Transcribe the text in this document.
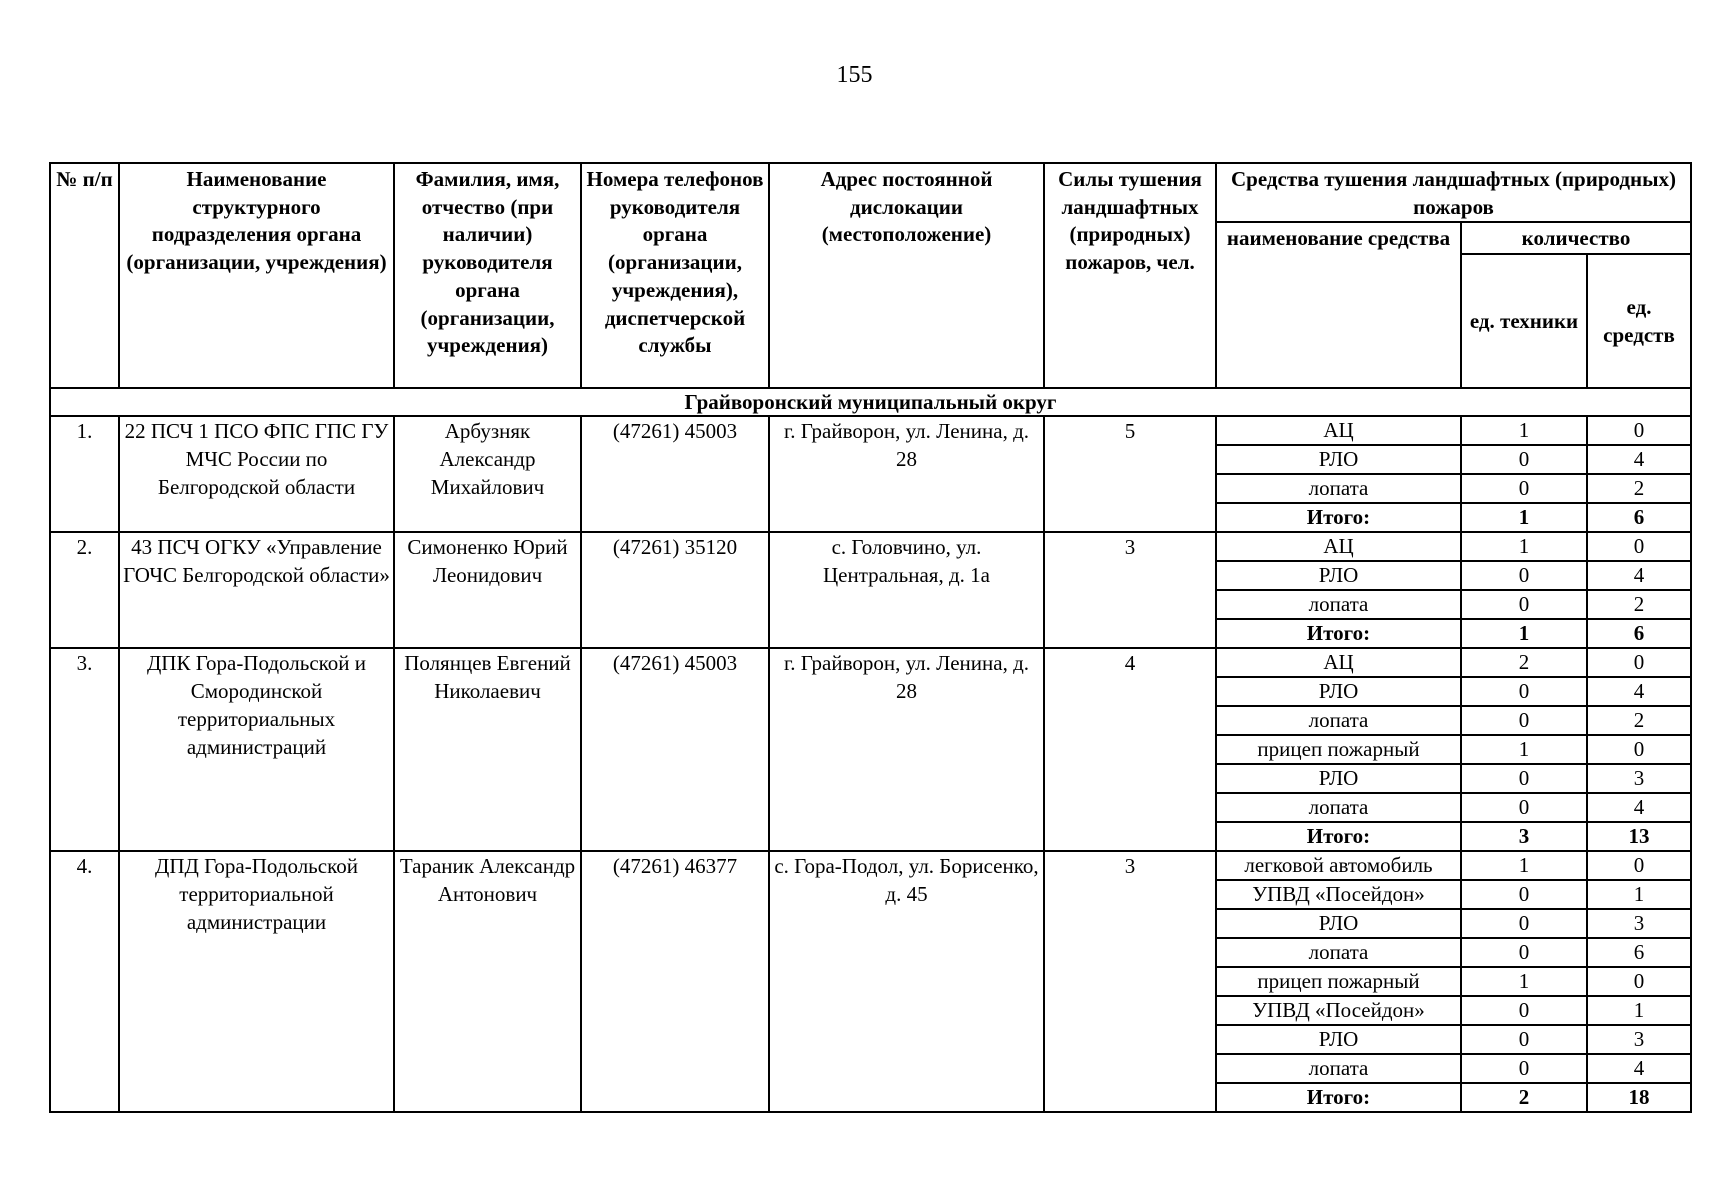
155
№ п/п	Наименование структурного подразделения органа (организации, учреждения)	Фамилия, имя, отчество (при наличии) руководителя органа (организации, учреждения)	Номера телефонов руководителя органа (организации, учреждения), диспетчерской службы	Адрес постоянной дислокации (местоположение)	Силы тушения ландшафтных (природных) пожаров, чел.	Средства тушения ландшафтных (природных) пожаров		
						наименование средства	количество	
							ед. техники	ед. средств
Грайворонский муниципальный округ								
1.	22 ПСЧ 1 ПСО ФПС ГПС ГУ МЧС России по Белгородской области	Арбузняк Александр Михайлович	(47261) 45003	г. Грайворон, ул. Ленина, д. 28	5	АЦ	1	0
						РЛО	0	4
						лопата	0	2
						Итого:	1	6
2.	43 ПСЧ ОГКУ «Управление ГОЧС Белгородской области»	Симоненко Юрий Леонидович	(47261) 35120	с. Головчино, ул. Центральная, д. 1а	3	АЦ	1	0
						РЛО	0	4
						лопата	0	2
						Итого:	1	6
3.	ДПК Гора-Подольской и Смородинской территориальных администраций	Полянцев Евгений Николаевич	(47261) 45003	г. Грайворон, ул. Ленина, д. 28	4	АЦ	2	0
						РЛО	0	4
						лопата	0	2
						прицеп пожарный	1	0
						РЛО	0	3
						лопата	0	4
						Итого:	3	13
4.	ДПД Гора-Подольской территориальной администрации	Тараник Александр Антонович	(47261) 46377	с. Гора-Подол, ул. Борисенко, д. 45	3	легковой автомобиль	1	0
						УПВД «Посейдон»	0	1
						РЛО	0	3
						лопата	0	6
						прицеп пожарный	1	0
						УПВД «Посейдон»	0	1
						РЛО	0	3
						лопата	0	4
						Итого:	2	18
